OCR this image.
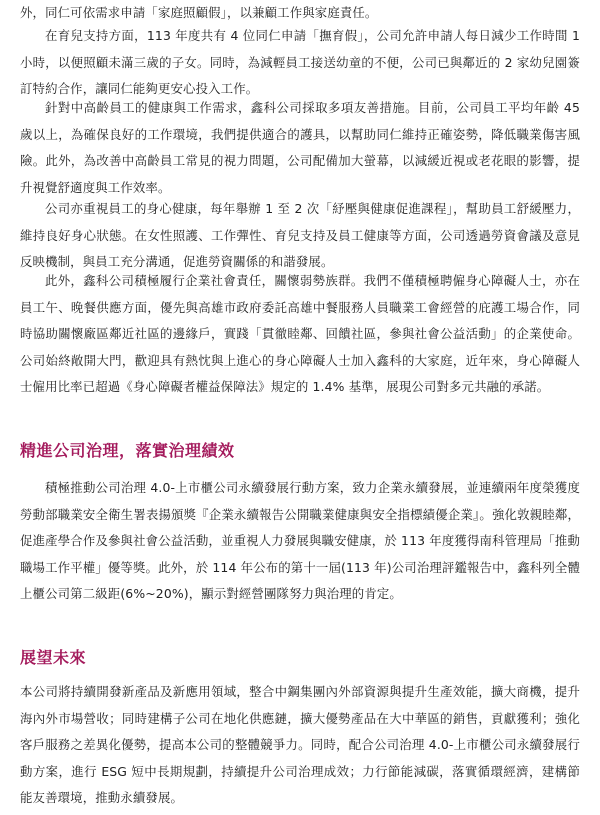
外，同仁可依需求申請「家庭照顧假」，以兼顧工作與家庭責任。

在育兒支持方面，113 年度共有 4 位同仁申請「撫育假」，公司允許申請人每日減少工作時間 1 小時，以便照顧未滿三歲的子女。同時，為減輕員工接送幼童的不便，公司已與鄰近的 2 家幼兒園簽訂特約合作，讓同仁能夠更安心投入工作。

針對中高齡員工的健康與工作需求，鑫科公司採取多項友善措施。目前，公司員工平均年齡 45 歲以上，為確保良好的工作環境，我們提供適合的護具，以幫助同仁維持正確姿勢，降低職業傷害風險。此外，為改善中高齡員工常見的視力問題，公司配備加大螢幕，以減緩近視或老花眼的影響，提升視覺舒適度與工作效率。

公司亦重視員工的身心健康，每年舉辦 1 至 2 次「紓壓與健康促進課程」，幫助員工舒緩壓力，維持良好身心狀態。在女性照護、工作彈性、育兒支持及員工健康等方面，公司透過勞資會議及意見反映機制，與員工充分溝通，促進勞資關係的和諧發展。

此外，鑫科公司積極履行企業社會責任，關懷弱勢族群。我們不僅積極聘僱身心障礙人士，亦在員工午、晚餐供應方面，優先與高雄市政府委託高雄中餐服務人員職業工會經營的庇護工場合作，同時協助關懷廠區鄰近社區的邊緣戶，實踐「貫徹睦鄰、回饋社區，參與社會公益活動」的企業使命。公司始終敞開大門，歡迎具有熱忱與上進心的身心障礙人士加入鑫科的大家庭，近年來，身心障礙人士僱用比率已超過《身心障礙者權益保障法》規定的 1.4% 基準，展現公司對多元共融的承諾。

精進公司治理，落實治理績效

積極推動公司治理 4.0-上市櫃公司永續發展行動方案，致力企業永續發展，並連續兩年度榮獲度勞動部職業安全衛生署表揚頒獎『企業永續報告公開職業健康與安全指標績優企業』。強化敦親睦鄰，促進產學合作及參與社會公益活動，並重視人力發展與職安健康，於 113 年度獲得南科管理局「推動職場工作平權」優等獎。此外，於 114 年公布的第十一屆(113 年)公司治理評鑑報告中，鑫科列全體上櫃公司第二級距(6%~20%)，顯示對經營團隊努力與治理的肯定。

展望未來

本公司將持續開發新產品及新應用領域，整合中鋼集團內外部資源與提升生產效能，擴大商機，提升海內外市場營收；同時建構子公司在地化供應鏈，擴大優勢產品在大中華區的銷售，貢獻獲利；強化客戶服務之差異化優勢，提高本公司的整體競爭力。同時，配合公司治理 4.0-上市櫃公司永續發展行動方案，進行 ESG 短中長期規劃，持續提升公司治理成效；力行節能減碳，落實循環經濟，建構節能友善環境，推動永續發展。
